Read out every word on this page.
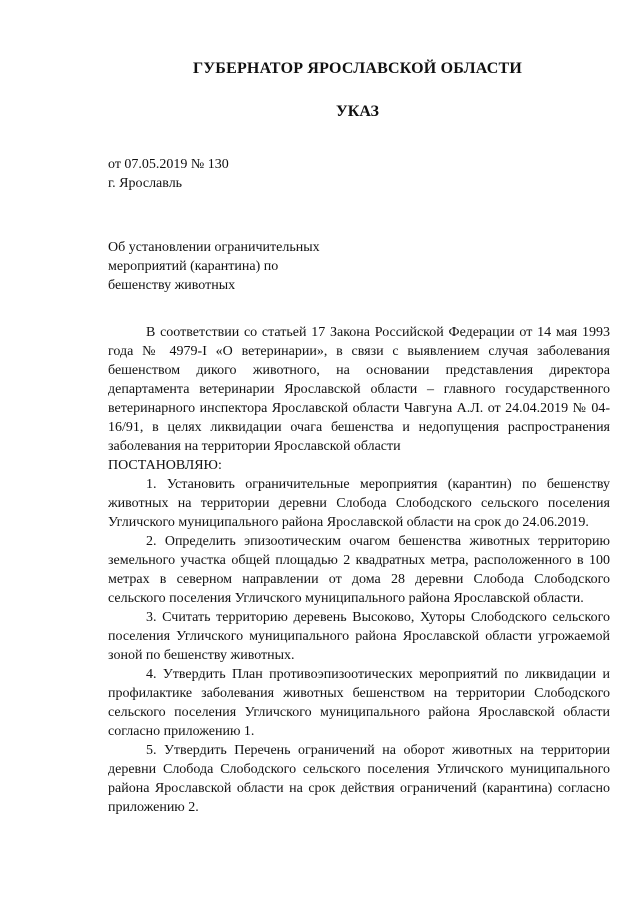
ГУБЕРНАТОР ЯРОСЛАВСКОЙ ОБЛАСТИ
УКАЗ
от 07.05.2019 № 130
г. Ярославль
Об установлении ограничительных
мероприятий (карантина) по
бешенству животных

В соответствии со статьей 17 Закона Российской Федерации от 14 мая 1993 года № 4979-I «О ветеринарии», в связи с выявлением случая заболевания бешенством дикого животного, на основании представления директора департамента ветеринарии Ярославской области – главного государственного ветеринарного инспектора Ярославской области Чавгуна А.Л. от 24.04.2019 № 04-16/91, в целях ликвидации очага бешенства и недопущения распространения заболевания на территории Ярославской области

ПОСТАНОВЛЯЮ:

1. Установить ограничительные мероприятия (карантин) по бешенству животных на территории деревни Слобода Слободского сельского поселения Угличского муниципального района Ярославской области на срок до 24.06.2019.

2. Определить эпизоотическим очагом бешенства животных территорию земельного участка общей площадью 2 квадратных метра, расположенного в 100 метрах в северном направлении от дома 28 деревни Слобода Слободского сельского поселения Угличского муниципального района Ярославской области.

3. Считать территорию деревень Высоково, Хуторы Слободского сельского поселения Угличского муниципального района Ярославской области угрожаемой зоной по бешенству животных.

4. Утвердить План противоэпизоотических мероприятий по ликвидации и профилактике заболевания животных бешенством на территории Слободского сельского поселения Угличского муниципального района Ярославской области согласно приложению 1.

5. Утвердить Перечень ограничений на оборот животных на территории деревни Слобода Слободского сельского поселения Угличского муниципального района Ярославской области на срок действия ограничений (карантина) согласно приложению 2.
